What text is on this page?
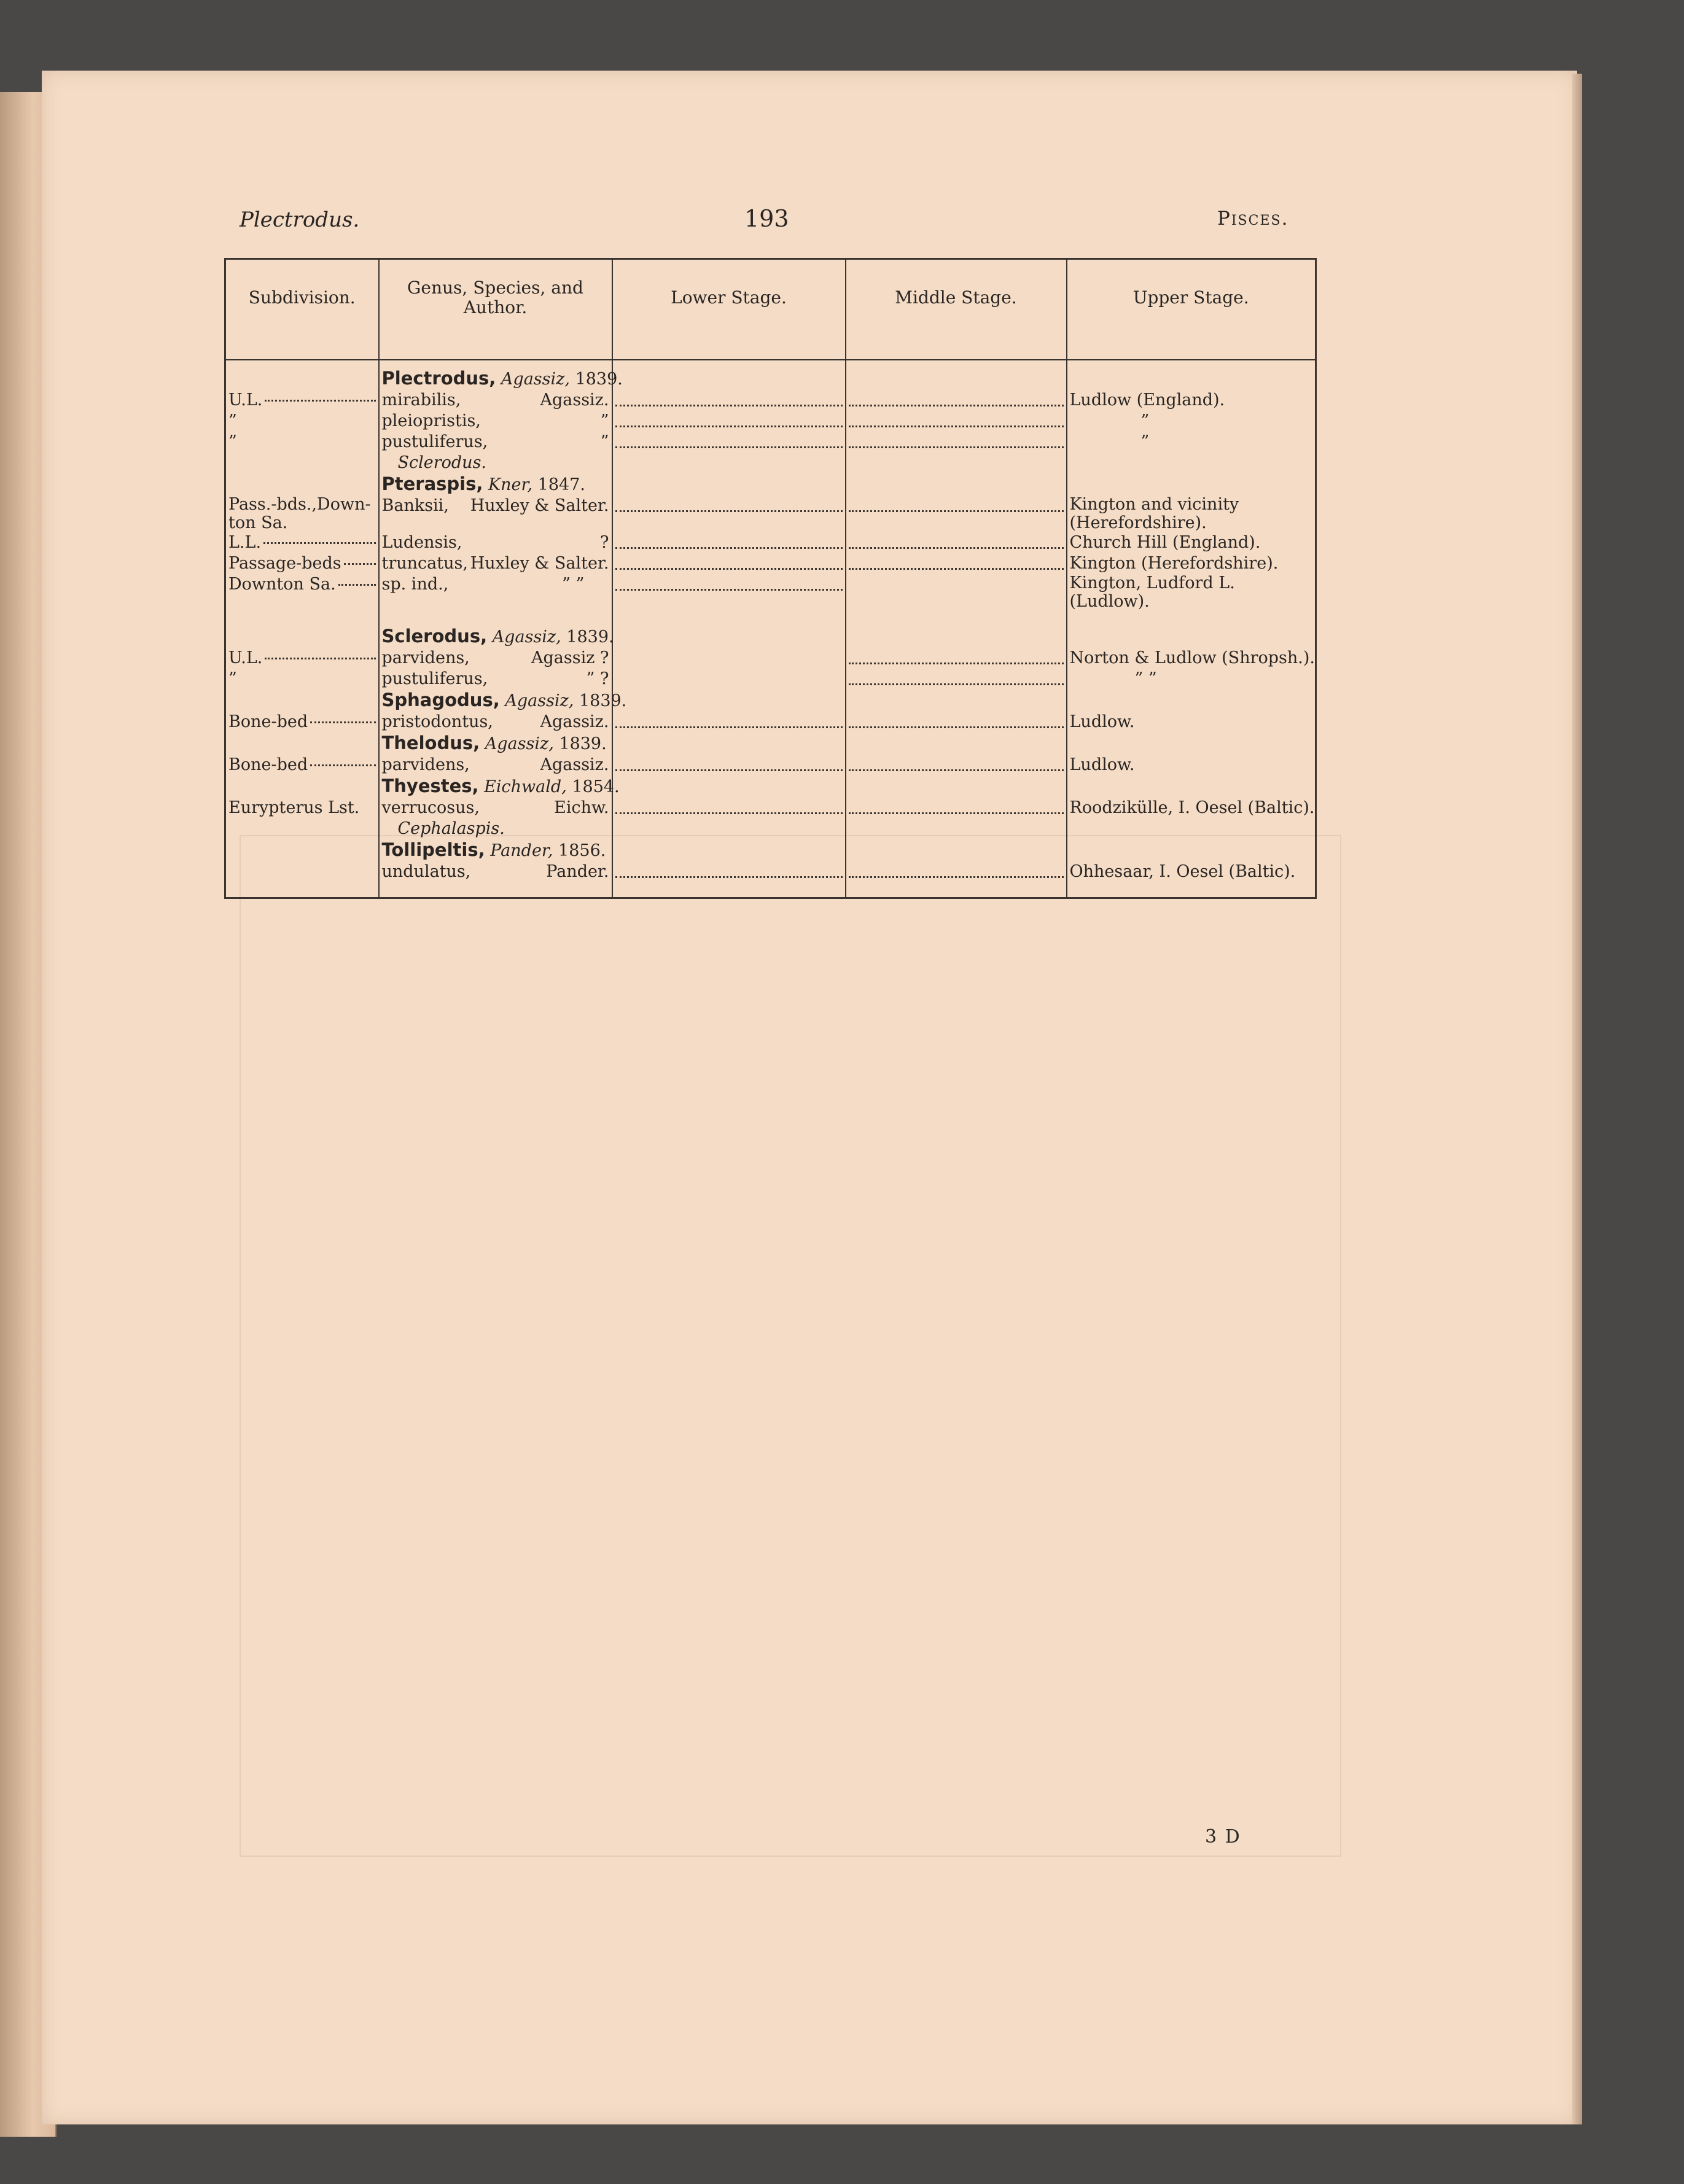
Plectrodus.	193	Pisces.
Subdivision.	Genus, Species, and Author.	Lower Stage.	Middle Stage.	Upper Stage.

	Plectrodus, Agassiz, 1839.			

U.L.	mirabilis, Agassiz.			Ludlow (England).
”	pleiopristis, ”			”
”	pustuliferus, ”			”
	Sclerodus.			
	Pteraspis, Kner, 1847.			
Pass.-bds.,Down-ton Sa.	Banksii, Huxley & Salter.			Kington and vicinity (Herefordshire).

L.L.	Ludensis, ?			Church Hill (England).

Passage-beds	truncatus, Huxley & Salter.			Kington (Herefordshire).

Downton Sa.	sp. ind., ” ”			Kington, Ludford L. (Ludlow).

	Sclerodus, Agassiz, 1839.			

U.L.	parvidens, Agassiz ?			Norton & Ludlow (Shropsh.).
”	pustuliferus, ” ?			” ”
	Sphagodus, Agassiz, 1839.			

Bone-bed	pristodontus, Agassiz.			Ludlow.
	Thelodus, Agassiz, 1839.			

Bone-bed	parvidens, Agassiz.			Ludlow.
	Thyestes, Eichwald, 1854.			
Eurypterus Lst.	verrucosus, Eichw.			Roodzikülle, I. Oesel (Baltic).
	Cephalaspis.			
	Tollipeltis, Pander, 1856.			

	undulatus, Pander.			Ohhesaar, I. Oesel (Baltic).

3 D
